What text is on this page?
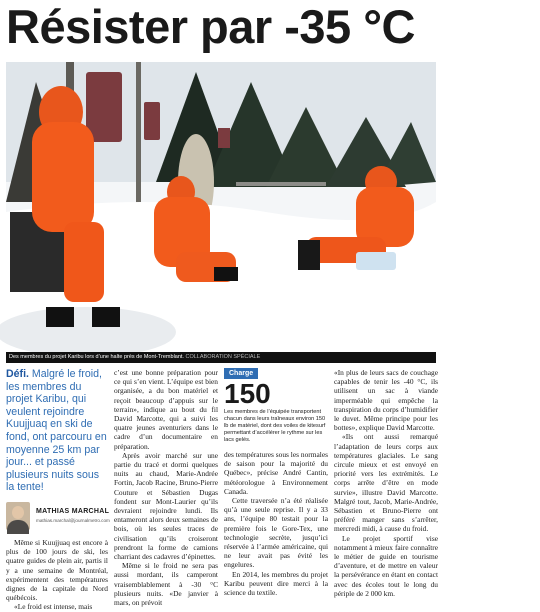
Résister par -35 °C
Des membres du projet Karibu lors d’une halte près de Mont-Tremblant. COLLABORATION SPÉCIALE
Défi. Malgré le froid, les membres du projet Karibu, qui veulent rejoindre Kuujjuaq en ski de fond, ont parcouru en moyenne 25 km par jour... et passé plusieurs nuits sous la tente!
MATHIAS MARCHAL
mathias.marchal@journalmetro.com

Même si Kuujjuaq est encore à plus de 100 jours de ski, les quatre guides de plein air, partis il y a une semaine de Montréal, expérimentent des températures dignes de la capitale du Nord québécois.

«Le froid est intense, mais

c’est une bonne préparation pour ce qui s’en vient. L’équipe est bien organisée, a du bon matériel et reçoit beaucoup d’appuis sur le terrain», indique au bout du fil David Marcotte, qui a suivi les quatre jeunes aventuriers dans le cadre d’un documentaire en préparation.

Après avoir marché sur une partie du tracé et dormi quelques nuits au chaud, Marie-Andrée Fortin, Jacob Racine, Bruno-Pierre Couture et Sébastien Dugas fondent sur Mont-Laurier qu’ils devraient rejoindre lundi. Ils entameront alors deux semaines de bois, où les seules traces de civilisation qu’ils croiseront prendront la forme de camions charriant des cadavres d’épinettes.

Même si le froid ne sera pas aussi mordant, ils camperont vraisemblablement à -30 °C plusieurs nuits. «De janvier à mars, on prévoit

Charge
150
Les membres de l’équipée transportent chacun dans leurs traîneaux environ 150 lb de matériel, dont des voiles de kitesurf permettant d’accélérer le rythme sur les lacs gelés.

des températures sous les normales de saison pour la majorité du Québec», précise André Cantin, météorologue à Environnement Canada.

Cette traversée n’a été réalisée qu’à une seule reprise. Il y a 33 ans, l’équipe 80 testait pour la première fois le Gore-Tex, une technologie secrète, jusqu’ici réservée à l’armée américaine, qui ne leur avait pas évité les engelures.

En 2014, les membres du projet Karibu peuvent dire merci à la science du textile.

«In plus de leurs sacs de couchage capables de tenir les -40 °C, ils utilisent un sac à viande imperméable qui empêche la transpiration du corps d’humidifier le duvet. Même principe pour les bottes», explique David Marcotte.

«Ils ont aussi remarqué l’adaptation de leurs corps aux températures glaciales. Le sang circule mieux et est envoyé en priorité vers les extrémités. Le corps arrête d’être en mode survie», illustre David Marcotte. Malgré tout, Jacob, Marie-Andrée, Sébastien et Bruno-Pierre ont préféré manger sans s’arrêter, mercredi midi, à cause du froid.

Le projet sportif vise notamment à mieux faire connaître le métier de guide en tourisme d’aventure, et de mettre en valeur la persévérance en étant en contact avec des écoles tout le long du périple de 2 000 km.
